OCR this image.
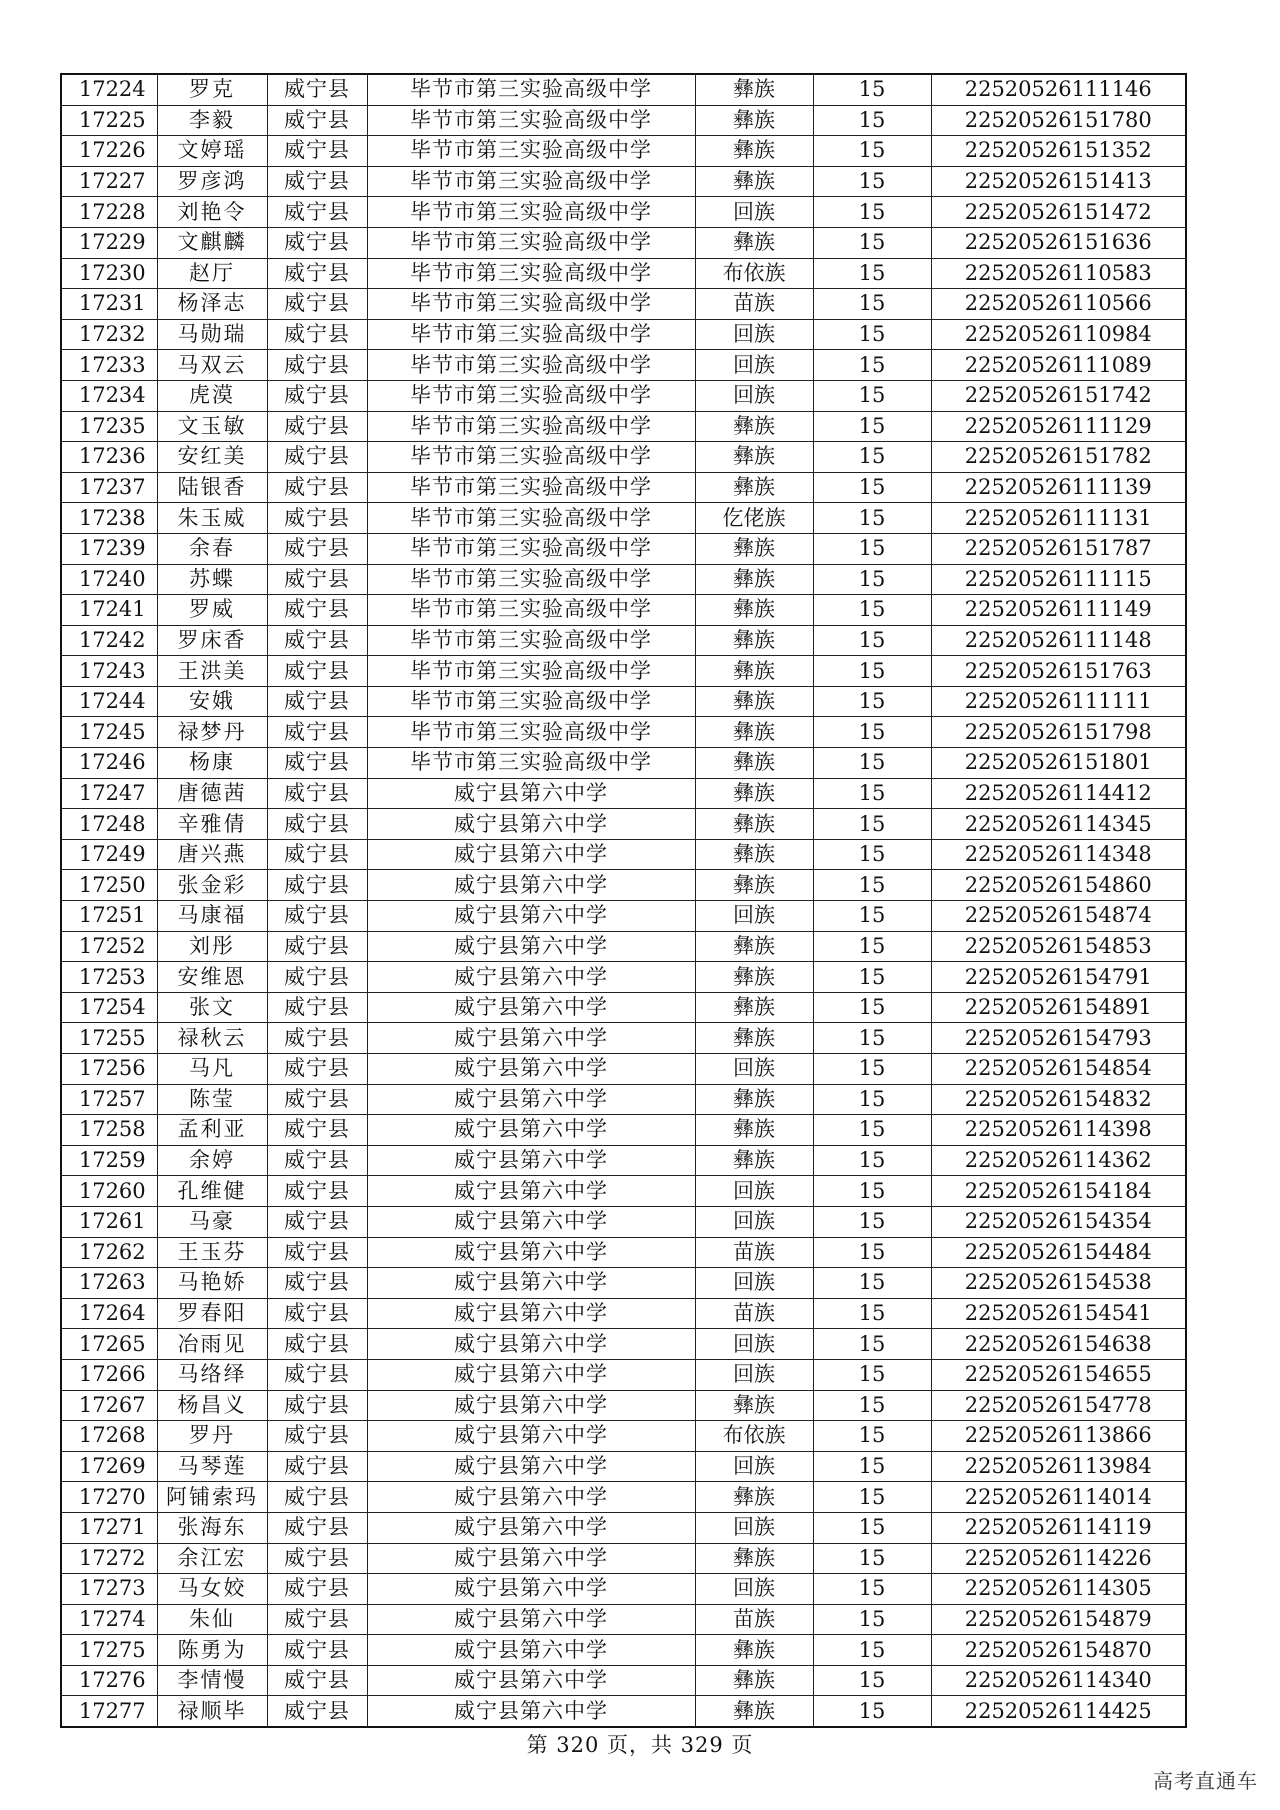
17224	罗克	威宁县	毕节市第三实验高级中学	彝族	15	22520526111146
17225	李毅	威宁县	毕节市第三实验高级中学	彝族	15	22520526151780
17226	文婷瑶	威宁县	毕节市第三实验高级中学	彝族	15	22520526151352
17227	罗彦鸿	威宁县	毕节市第三实验高级中学	彝族	15	22520526151413
17228	刘艳令	威宁县	毕节市第三实验高级中学	回族	15	22520526151472
17229	文麒麟	威宁县	毕节市第三实验高级中学	彝族	15	22520526151636
17230	赵厅	威宁县	毕节市第三实验高级中学	布依族	15	22520526110583
17231	杨泽志	威宁县	毕节市第三实验高级中学	苗族	15	22520526110566
17232	马勋瑞	威宁县	毕节市第三实验高级中学	回族	15	22520526110984
17233	马双云	威宁县	毕节市第三实验高级中学	回族	15	22520526111089
17234	虎漠	威宁县	毕节市第三实验高级中学	回族	15	22520526151742
17235	文玉敏	威宁县	毕节市第三实验高级中学	彝族	15	22520526111129
17236	安红美	威宁县	毕节市第三实验高级中学	彝族	15	22520526151782
17237	陆银香	威宁县	毕节市第三实验高级中学	彝族	15	22520526111139
17238	朱玉威	威宁县	毕节市第三实验高级中学	仡佬族	15	22520526111131
17239	余春	威宁县	毕节市第三实验高级中学	彝族	15	22520526151787
17240	苏蝶	威宁县	毕节市第三实验高级中学	彝族	15	22520526111115
17241	罗威	威宁县	毕节市第三实验高级中学	彝族	15	22520526111149
17242	罗床香	威宁县	毕节市第三实验高级中学	彝族	15	22520526111148
17243	王洪美	威宁县	毕节市第三实验高级中学	彝族	15	22520526151763
17244	安娥	威宁县	毕节市第三实验高级中学	彝族	15	22520526111111
17245	禄梦丹	威宁县	毕节市第三实验高级中学	彝族	15	22520526151798
17246	杨康	威宁县	毕节市第三实验高级中学	彝族	15	22520526151801
17247	唐德茜	威宁县	威宁县第六中学	彝族	15	22520526114412
17248	辛雅倩	威宁县	威宁县第六中学	彝族	15	22520526114345
17249	唐兴燕	威宁县	威宁县第六中学	彝族	15	22520526114348
17250	张金彩	威宁县	威宁县第六中学	彝族	15	22520526154860
17251	马康福	威宁县	威宁县第六中学	回族	15	22520526154874
17252	刘彤	威宁县	威宁县第六中学	彝族	15	22520526154853
17253	安维恩	威宁县	威宁县第六中学	彝族	15	22520526154791
17254	张文	威宁县	威宁县第六中学	彝族	15	22520526154891
17255	禄秋云	威宁县	威宁县第六中学	彝族	15	22520526154793
17256	马凡	威宁县	威宁县第六中学	回族	15	22520526154854
17257	陈莹	威宁县	威宁县第六中学	彝族	15	22520526154832
17258	孟利亚	威宁县	威宁县第六中学	彝族	15	22520526114398
17259	余婷	威宁县	威宁县第六中学	彝族	15	22520526114362
17260	孔维健	威宁县	威宁县第六中学	回族	15	22520526154184
17261	马豪	威宁县	威宁县第六中学	回族	15	22520526154354
17262	王玉芬	威宁县	威宁县第六中学	苗族	15	22520526154484
17263	马艳娇	威宁县	威宁县第六中学	回族	15	22520526154538
17264	罗春阳	威宁县	威宁县第六中学	苗族	15	22520526154541
17265	冶雨见	威宁县	威宁县第六中学	回族	15	22520526154638
17266	马络绎	威宁县	威宁县第六中学	回族	15	22520526154655
17267	杨昌义	威宁县	威宁县第六中学	彝族	15	22520526154778
17268	罗丹	威宁县	威宁县第六中学	布依族	15	22520526113866
17269	马琴莲	威宁县	威宁县第六中学	回族	15	22520526113984
17270	阿铺索玛	威宁县	威宁县第六中学	彝族	15	22520526114014
17271	张海东	威宁县	威宁县第六中学	回族	15	22520526114119
17272	余江宏	威宁县	威宁县第六中学	彝族	15	22520526114226
17273	马女姣	威宁县	威宁县第六中学	回族	15	22520526114305
17274	朱仙	威宁县	威宁县第六中学	苗族	15	22520526154879
17275	陈勇为	威宁县	威宁县第六中学	彝族	15	22520526154870
17276	李情慢	威宁县	威宁县第六中学	彝族	15	22520526114340
17277	禄顺毕	威宁县	威宁县第六中学	彝族	15	22520526114425
第 320 页，共 329 页
高考直通车
